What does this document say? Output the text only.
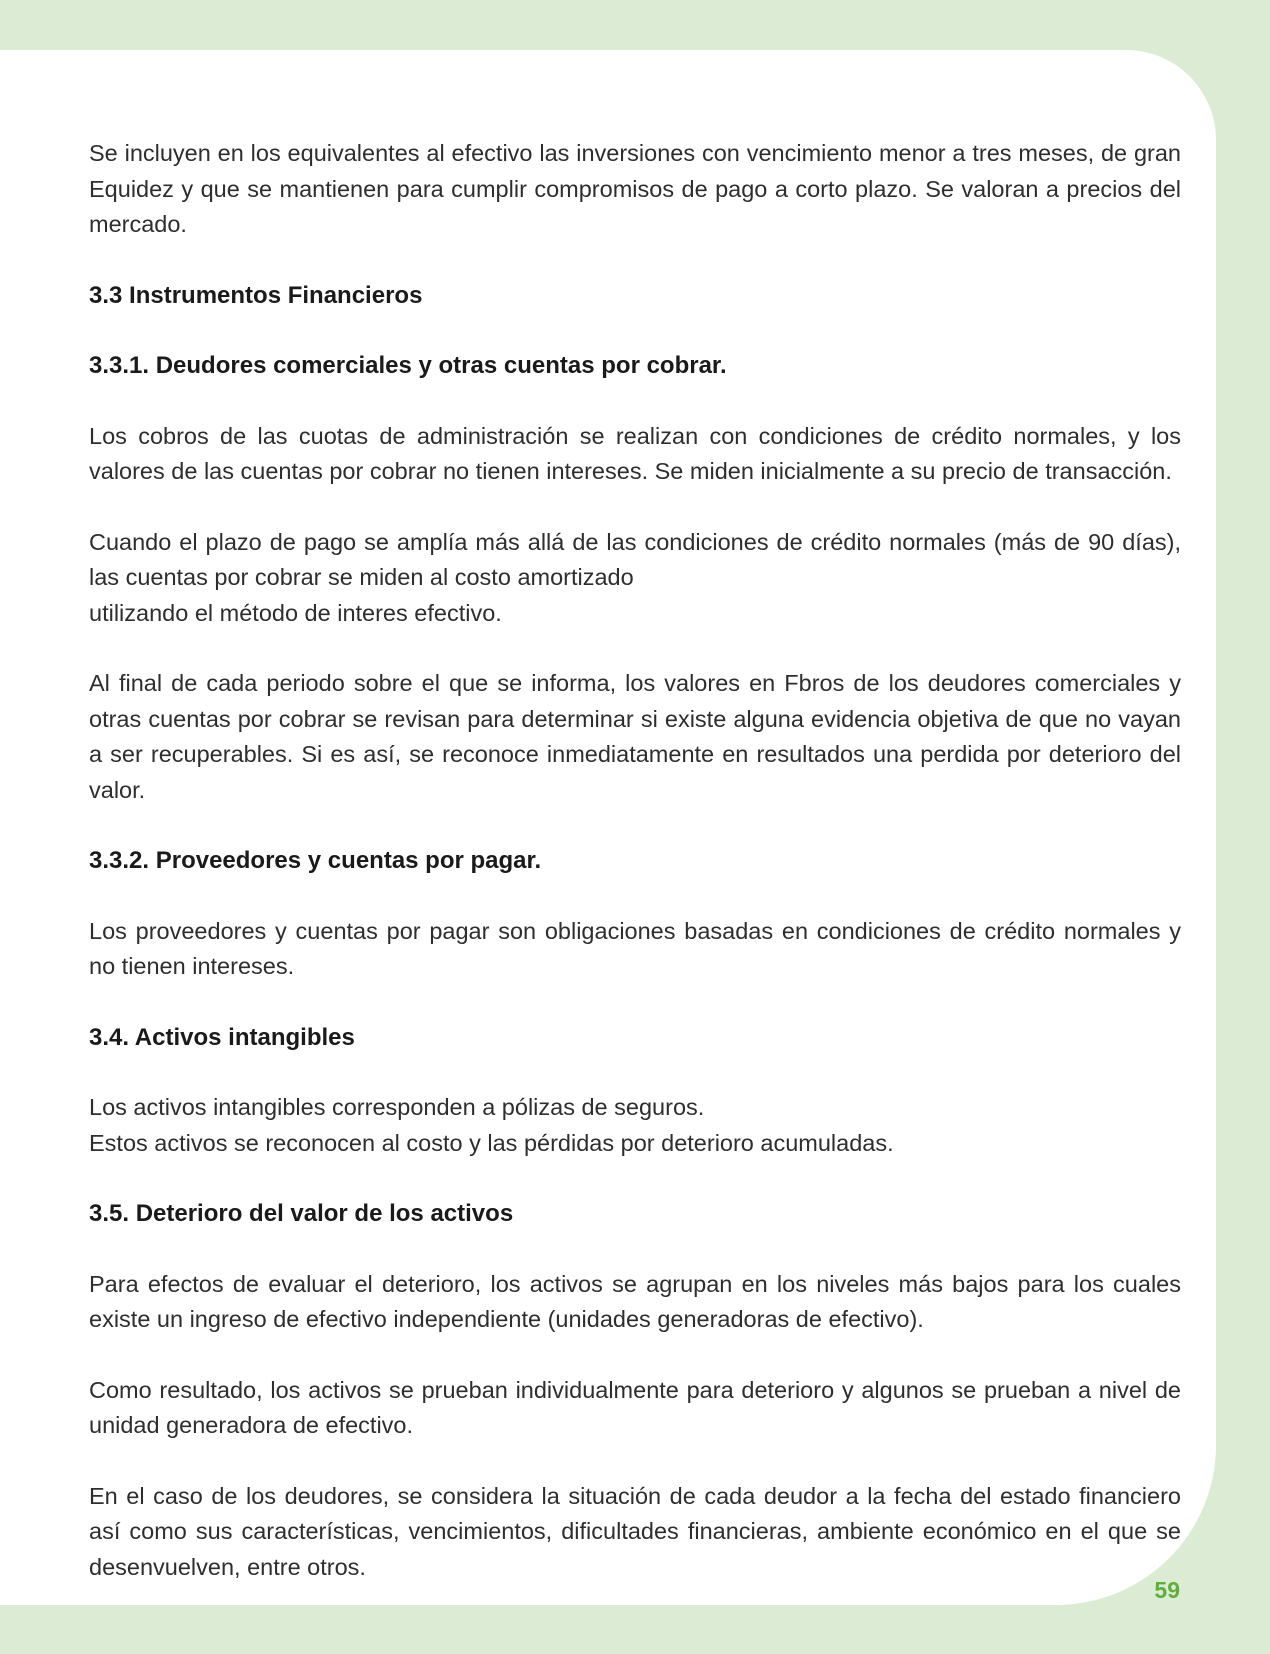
Se incluyen en los equivalentes al efectivo las inversiones con vencimiento menor a tres meses, de gran Equidez y que se mantienen para cumplir compromisos de pago a corto plazo. Se valoran a precios del mercado.

3.3 Instrumentos Financieros
3.3.1. Deudores comerciales y otras cuentas por cobrar.

Los cobros de las cuotas de administración se realizan con condiciones de crédito normales, y los valores de las cuentas por cobrar no tienen intereses. Se miden inicialmente a su precio de transacción.

Cuando el plazo de pago se amplía más allá de las condiciones de crédito normales (más de 90 días), las cuentas por cobrar se miden al costo amortizado
utilizando el método de interes efectivo.

Al final de cada periodo sobre el que se informa, los valores en Fbros de los deudores comerciales y otras cuentas por cobrar se revisan para determinar si existe alguna evidencia objetiva de que no vayan a ser recuperables. Si es así, se reconoce inmediatamente en resultados una perdida por deterioro del valor.

3.3.2. Proveedores y cuentas por pagar.

Los proveedores y cuentas por pagar son obligaciones basadas en condiciones de crédito normales y no tienen intereses.

3.4. Activos intangibles

Los activos intangibles corresponden a pólizas de seguros.
Estos activos se reconocen al costo y las pérdidas por deterioro acumuladas.

3.5. Deterioro del valor de los activos

Para efectos de evaluar el deterioro, los activos se agrupan en los niveles más bajos para los cuales existe un ingreso de efectivo independiente (unidades generadoras de efectivo).

Como resultado, los activos se prueban individualmente para deterioro y algunos se prueban a nivel de unidad generadora de efectivo.

En el caso de los deudores, se considera la situación de cada deudor a la fecha del estado financiero así como sus características, vencimientos, dificultades financieras, ambiente económico en el que se desenvuelven, entre otros.

59
